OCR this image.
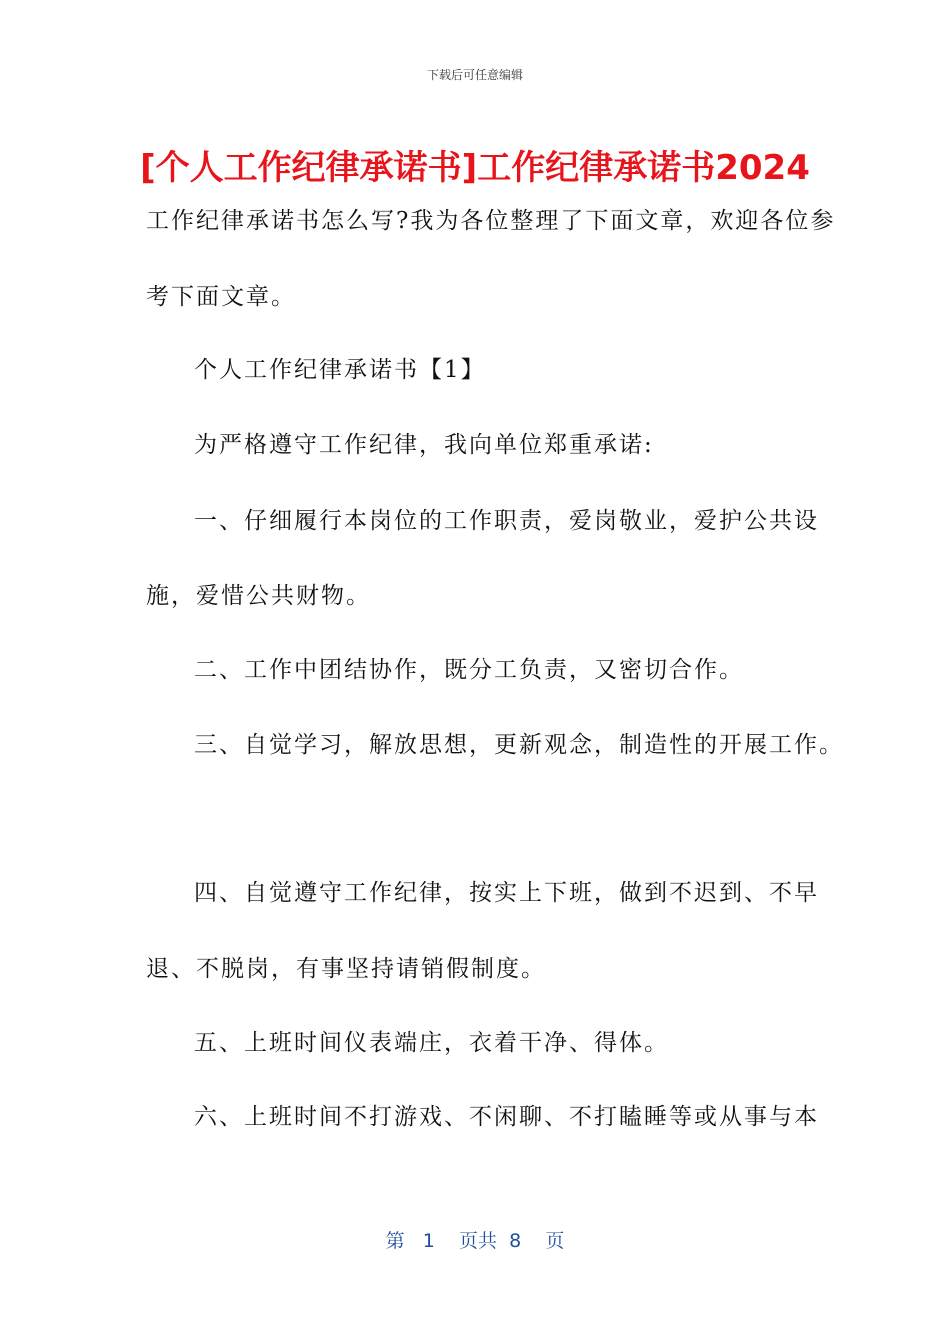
下载后可任意编辑
[个人工作纪律承诺书]工作纪律承诺书2024
工作纪律承诺书怎么写?我为各位整理了下面文章，欢迎各位参
考下面文章。
个人工作纪律承诺书【1】
为严格遵守工作纪律，我向单位郑重承诺:
一、仔细履行本岗位的工作职责，爱岗敬业，爱护公共设
施，爱惜公共财物。
二、工作中团结协作，既分工负责，又密切合作。
三、自觉学习，解放思想，更新观念，制造性的开展工作。
四、自觉遵守工作纪律，按实上下班，做到不迟到、不早
退、不脱岗，有事坚持请销假制度。
五、上班时间仪表端庄，衣着干净、得体。
六、上班时间不打游戏、不闲聊、不打瞌睡等或从事与本
第 1 页共 8 页
